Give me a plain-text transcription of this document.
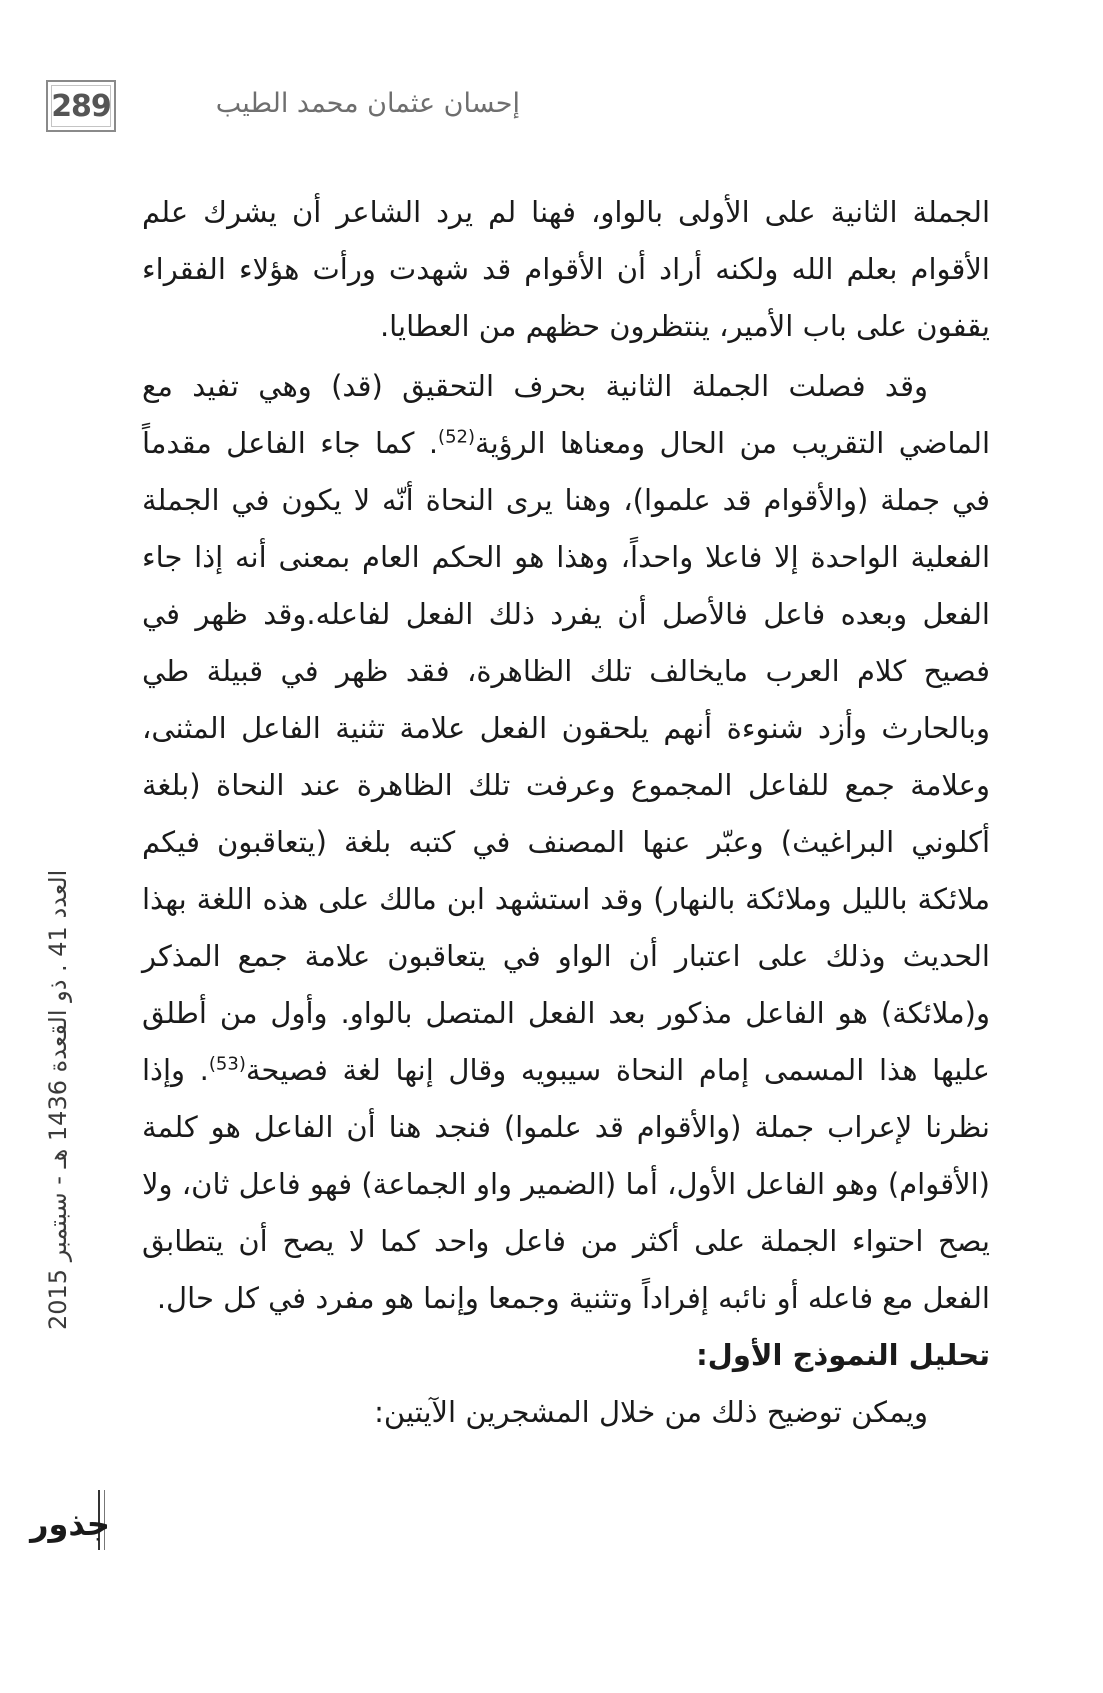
289	إحسان عثمان محمد الطيب

الجملة الثانية على الأولى بالواو، فهنا لم يرد الشاعر أن يشرك علم الأقوام بعلم الله ولكنه أراد أن الأقوام قد شهدت ورأت هؤلاء الفقراء يقفون على باب الأمير، ينتظرون حظهم من العطايا.

وقد فصلت الجملة الثانية بحرف التحقيق (قد) وهي تفيد مع الماضي التقريب من الحال ومعناها الرؤية$^{(52)}$. كما جاء الفاعل مقدماً في جملة (والأقوام قد علموا)، وهنا يرى النحاة أنّه لا يكون في الجملة الفعلية الواحدة إلا فاعلا واحداً، وهذا هو الحكم العام بمعنى أنه إذا جاء الفعل وبعده فاعل فالأصل أن يفرد ذلك الفعل لفاعله.وقد ظهر في فصيح كلام العرب مايخالف تلك الظاهرة، فقد ظهر في قبيلة طي وبالحارث وأزد شنوءة أنهم يلحقون الفعل علامة تثنية الفاعل المثنى، وعلامة جمع للفاعل المجموع وعرفت تلك الظاهرة عند النحاة (بلغة أكلوني البراغيث) وعبّر عنها المصنف في كتبه بلغة (يتعاقبون فيكم ملائكة بالليل وملائكة بالنهار) وقد استشهد ابن مالك على هذه اللغة بهذا الحديث وذلك على اعتبار أن الواو في يتعاقبون علامة جمع المذكر و(ملائكة) هو الفاعل مذكور بعد الفعل المتصل بالواو. وأول من أطلق عليها هذا المسمى إمام النحاة سيبويه وقال إنها لغة فصيحة$^{(53)}$. وإذا نظرنا لإعراب جملة (والأقوام قد علموا) فنجد هنا أن الفاعل هو كلمة (الأقوام) وهو الفاعل الأول، أما (الضمير واو الجماعة) فهو فاعل ثان، ولا يصح احتواء الجملة على أكثر من فاعل واحد كما لا يصح أن يتطابق الفعل مع فاعله أو نائبه إفراداً وتثنية وجمعا وإنما هو مفرد في كل حال.

تحليل النموذج الأول:

ويمكن توضيح ذلك من خلال المشجرين الآيتين:

العدد 41 . ذو القعدة 1436 هـ - سبتمبر 2015
جذور
